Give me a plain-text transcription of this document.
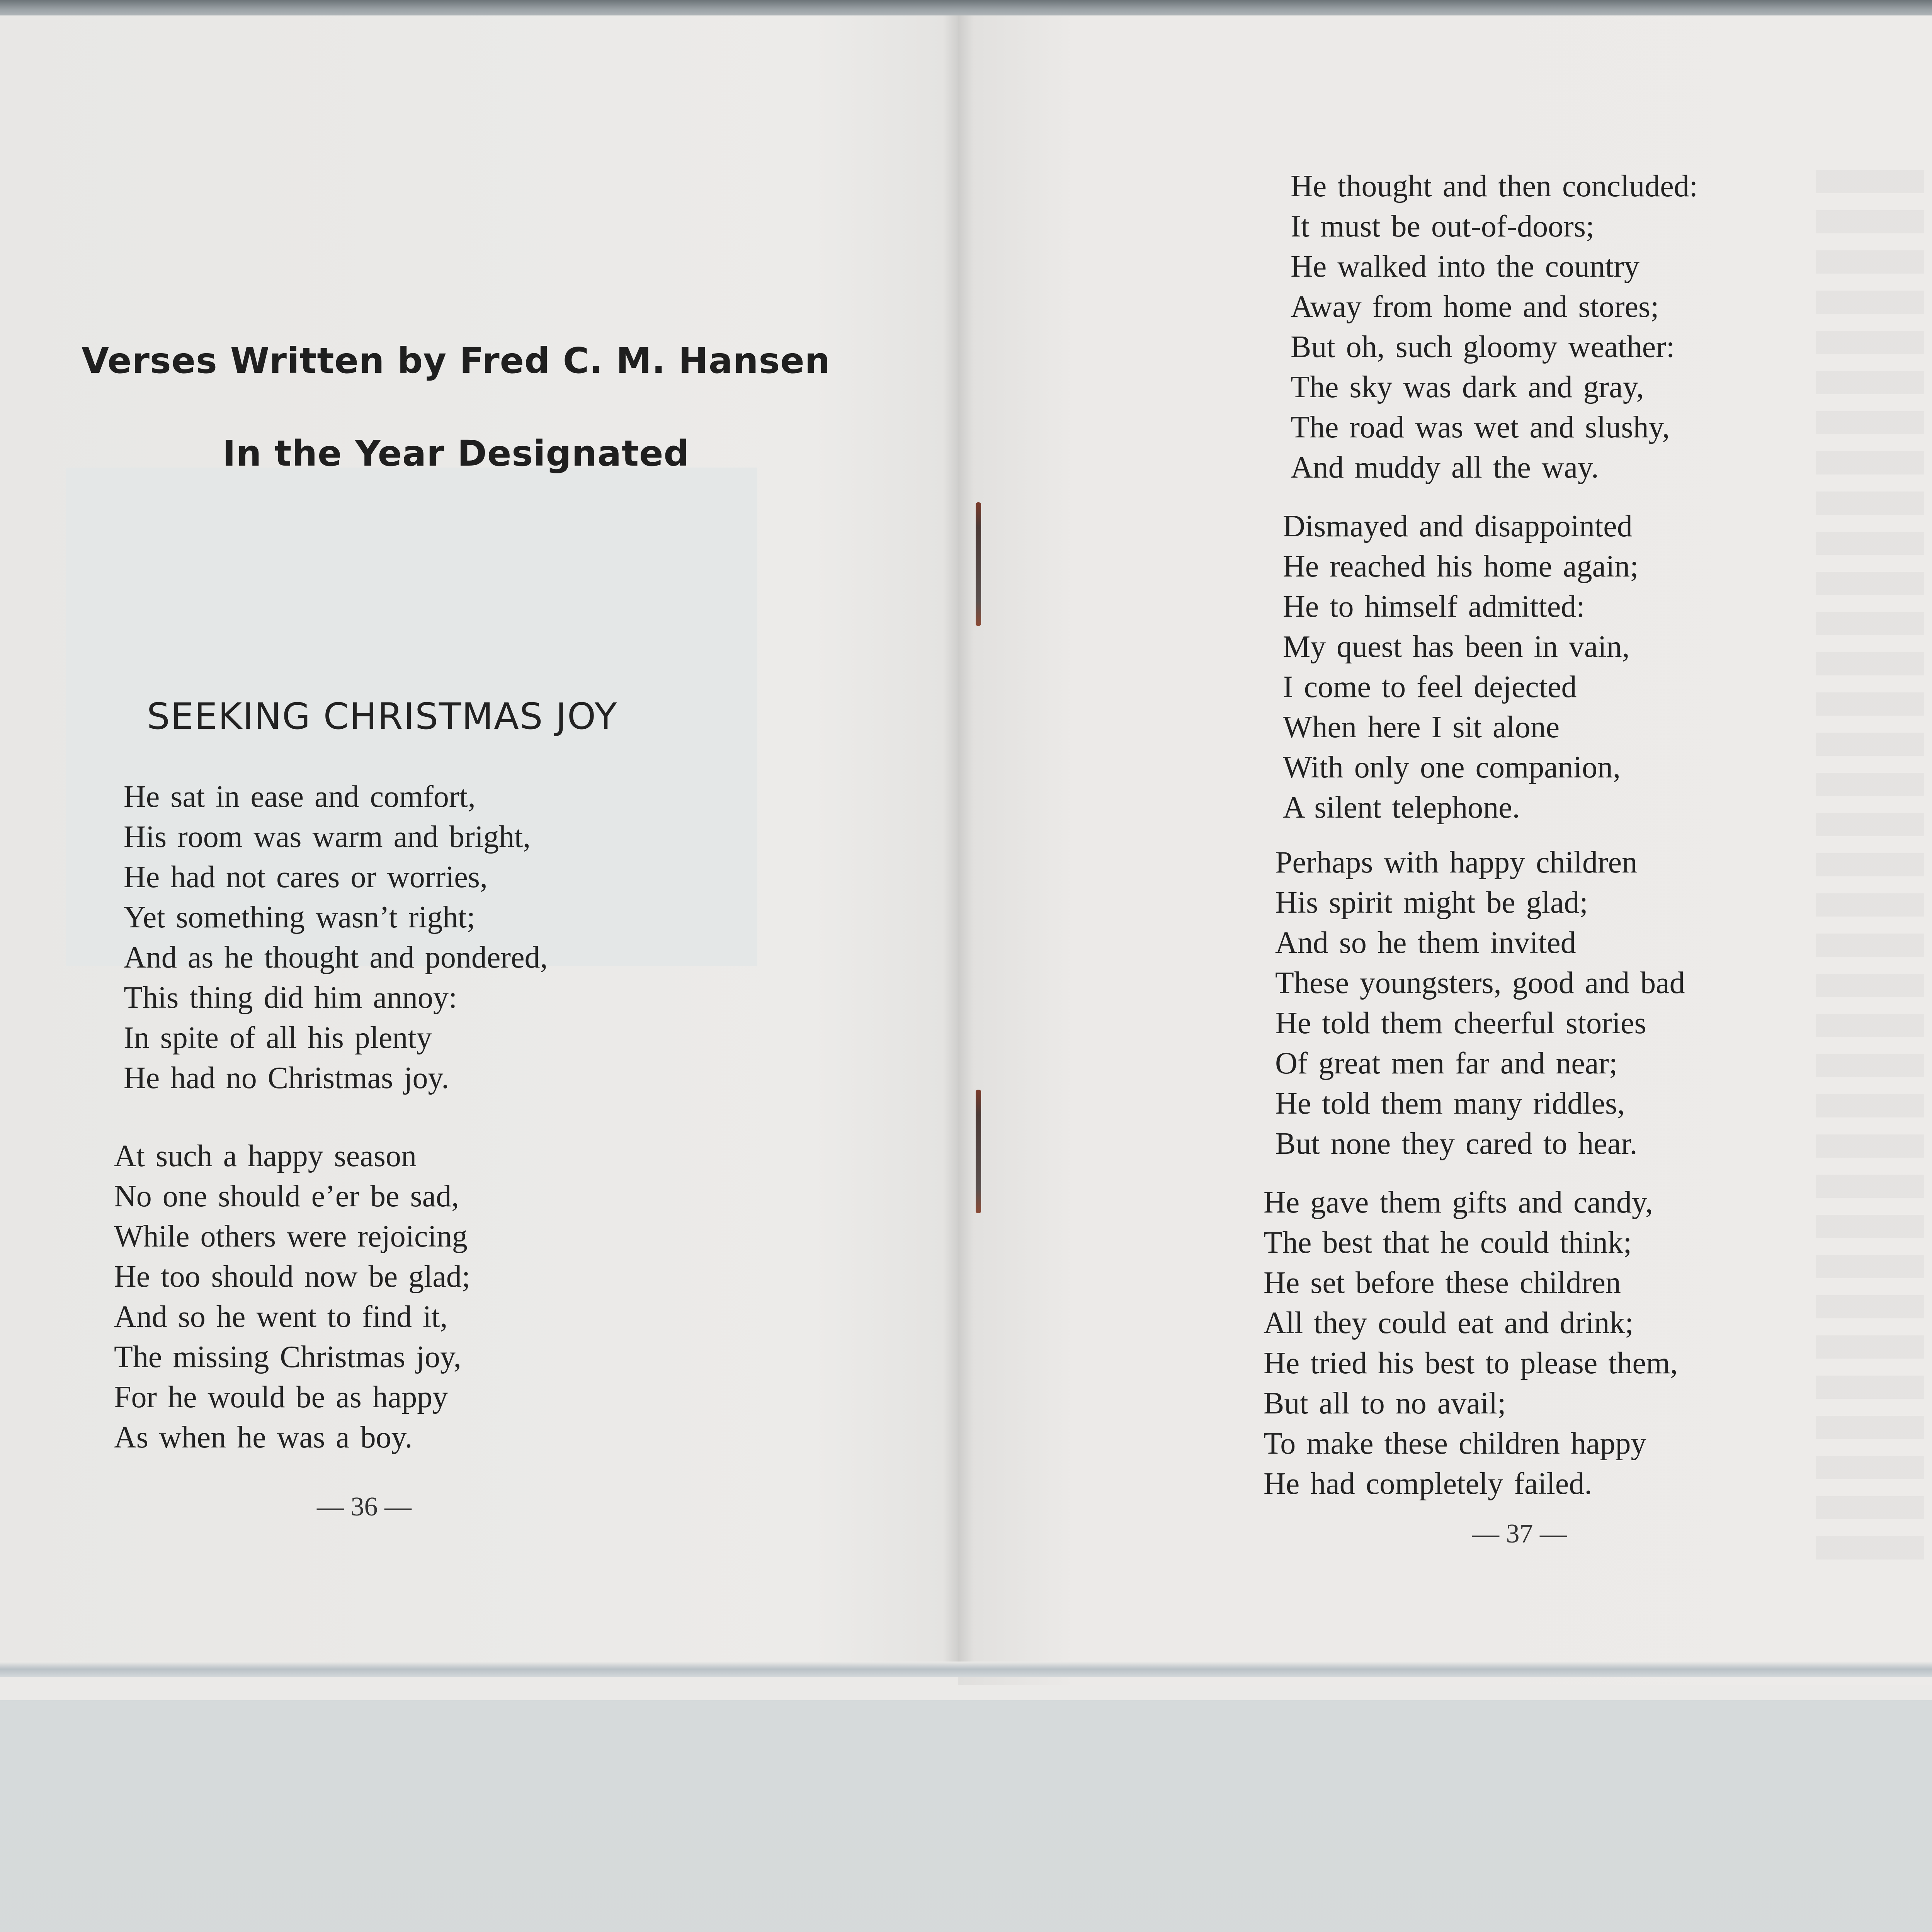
Verses Written by Fred C. M. Hansen
In the Year Designated
SEEKING CHRISTMAS JOY
He sat in ease and comfort,
His room was warm and bright,
He had not cares or worries,
Yet something wasn’t right;
And as he thought and pondered,
This thing did him annoy:
In spite of all his plenty
He had no Christmas joy.
At such a happy season
No one should e’er be sad,
While others were rejoicing
He too should now be glad;
And so he went to find it,
The missing Christmas joy,
For he would be as happy
As when he was a boy.
— 36 —
He thought and then concluded:
It must be out-of-doors;
He walked into the country
Away from home and stores;
But oh, such gloomy weather:
The sky was dark and gray,
The road was wet and slushy,
And muddy all the way.
Dismayed and disappointed
He reached his home again;
He to himself admitted:
My quest has been in vain,
I come to feel dejected
When here I sit alone
With only one companion,
A silent telephone.
Perhaps with happy children
His spirit might be glad;
And so he them invited
These youngsters, good and bad
He told them cheerful stories
Of great men far and near;
He told them many riddles,
But none they cared to hear.
He gave them gifts and candy,
The best that he could think;
He set before these children
All they could eat and drink;
He tried his best to please them,
But all to no avail;
To make these children happy
He had completely failed.
— 37 —
